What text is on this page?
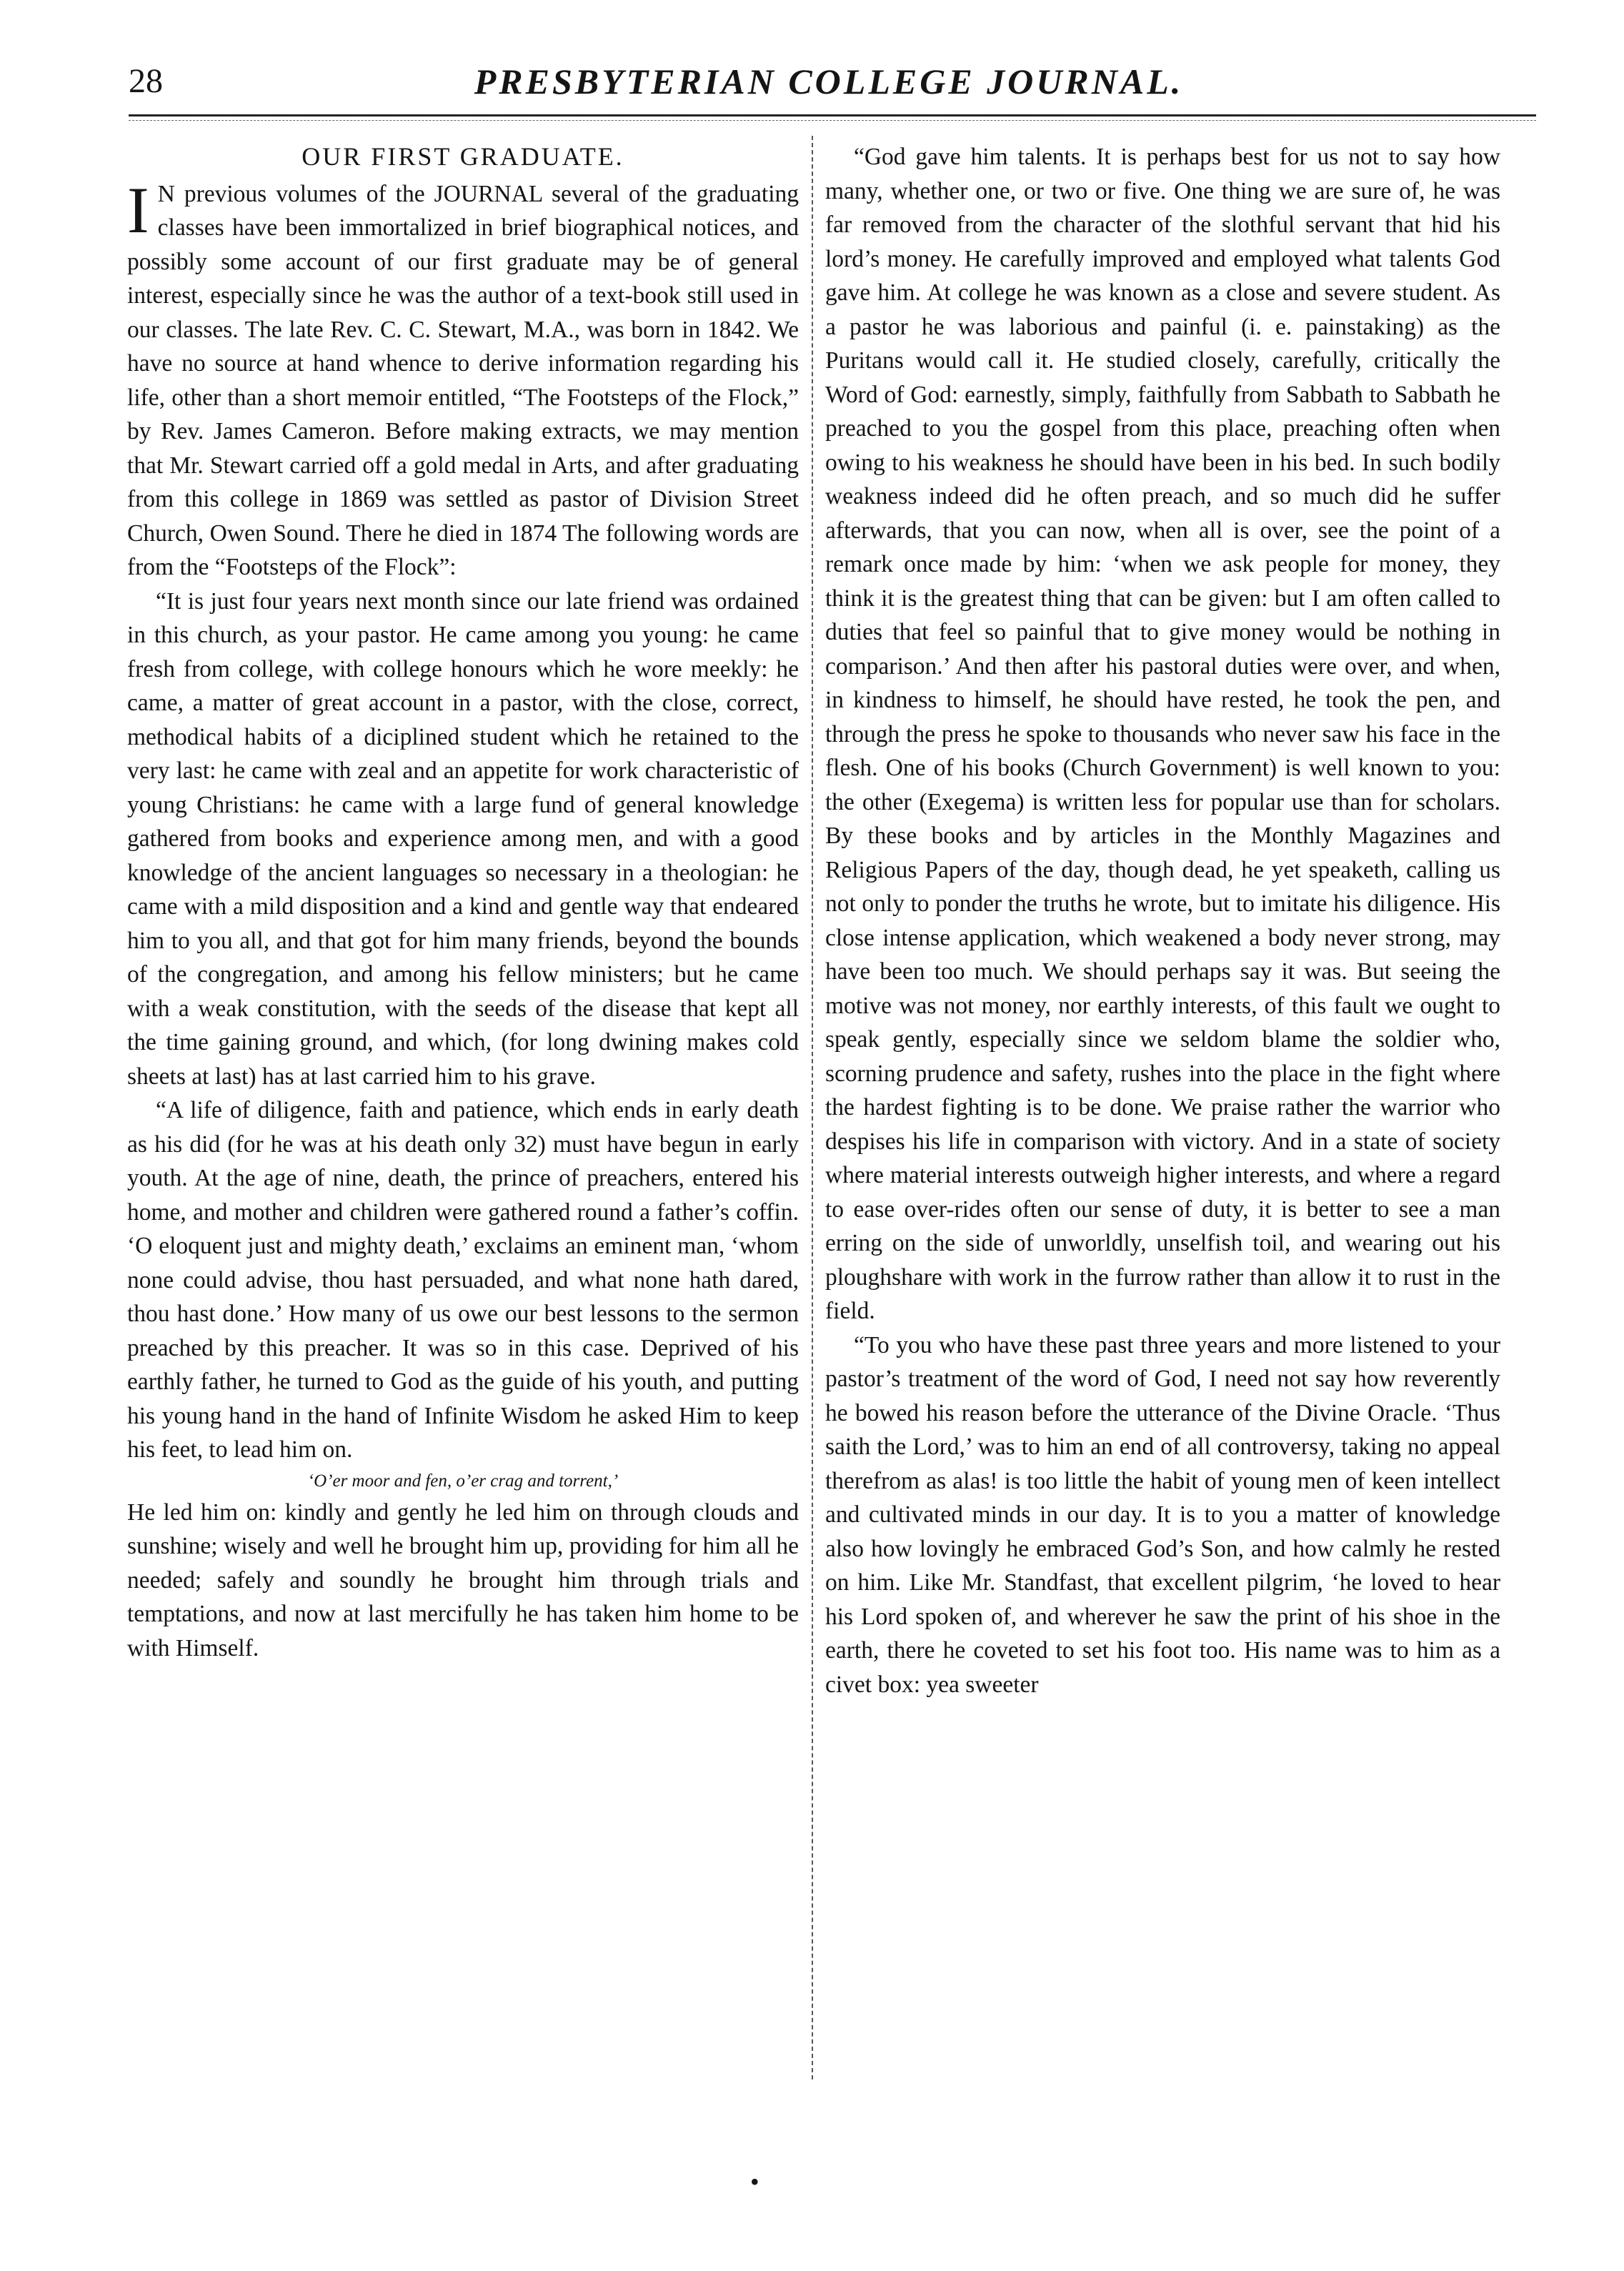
28	PRESBYTERIAN COLLEGE JOURNAL.
OUR FIRST GRADUATE.

I N previous volumes of the JOURNAL several of the graduating classes have been immortalized in brief biographical notices, and possibly some account of our first graduate may be of general interest, especially since he was the author of a text-book still used in our classes. The late Rev. C. C. Stewart, M.A., was born in 1842. We have no source at hand whence to derive information regarding his life, other than a short memoir entitled, “The Footsteps of the Flock,” by Rev. James Cameron. Before making extracts, we may mention that Mr. Stewart carried off a gold medal in Arts, and after graduating from this college in 1869 was settled as pastor of Division Street Church, Owen Sound. There he died in 1874 The following words are from the “Footsteps of the Flock”:

“It is just four years next month since our late friend was ordained in this church, as your pastor. He came among you young: he came fresh from college, with college honours which he wore meekly: he came, a matter of great account in a pastor, with the close, correct, methodical habits of a diciplined student which he retained to the very last: he came with zeal and an appetite for work characteristic of young Christians: he came with a large fund of general knowledge gathered from books and experience among men, and with a good knowledge of the ancient languages so necessary in a theologian: he came with a mild disposition and a kind and gentle way that endeared him to you all, and that got for him many friends, beyond the bounds of the congregation, and among his fellow ministers; but he came with a weak constitution, with the seeds of the disease that kept all the time gaining ground, and which, (for long dwining makes cold sheets at last) has at last carried him to his grave.

“A life of diligence, faith and patience, which ends in early death as his did (for he was at his death only 32) must have begun in early youth. At the age of nine, death, the prince of preachers, entered his home, and mother and children were gathered round a father’s coffin. ‘O eloquent just and mighty death,’ exclaims an eminent man, ‘whom none could advise, thou hast persuaded, and what none hath dared, thou hast done.’ How many of us owe our best lessons to the sermon preached by this preacher. It was so in this case. Deprived of his earthly father, he turned to God as the guide of his youth, and putting his young hand in the hand of Infinite Wisdom he asked Him to keep his feet, to lead him on.

‘O’er moor and fen, o’er crag and torrent,’

He led him on: kindly and gently he led him on through clouds and sunshine; wisely and well he brought him up, providing for him all he needed; safely and soundly he brought him through trials and temptations, and now at last mercifully he has taken him home to be with Himself.

“God gave him talents. It is perhaps best for us not to say how many, whether one, or two or five. One thing we are sure of, he was far removed from the character of the slothful servant that hid his lord’s money. He carefully improved and employed what talents God gave him. At college he was known as a close and severe student. As a pastor he was laborious and painful (i. e. painstaking) as the Puritans would call it. He studied closely, carefully, critically the Word of God: earnestly, simply, faithfully from Sabbath to Sabbath he preached to you the gospel from this place, preaching often when owing to his weakness he should have been in his bed. In such bodily weakness indeed did he often preach, and so much did he suffer afterwards, that you can now, when all is over, see the point of a remark once made by him: ‘when we ask people for money, they think it is the greatest thing that can be given: but I am often called to duties that feel so painful that to give money would be nothing in comparison.’ And then after his pastoral duties were over, and when, in kindness to himself, he should have rested, he took the pen, and through the press he spoke to thousands who never saw his face in the flesh. One of his books (Church Government) is well known to you: the other (Exegema) is written less for popular use than for scholars. By these books and by articles in the Monthly Magazines and Religious Papers of the day, though dead, he yet speaketh, calling us not only to ponder the truths he wrote, but to imitate his diligence. His close intense application, which weakened a body never strong, may have been too much. We should perhaps say it was. But seeing the motive was not money, nor earthly interests, of this fault we ought to speak gently, especially since we seldom blame the soldier who, scorning prudence and safety, rushes into the place in the fight where the hardest fighting is to be done. We praise rather the warrior who despises his life in comparison with victory. And in a state of society where material interests outweigh higher interests, and where a regard to ease over-rides often our sense of duty, it is better to see a man erring on the side of unworldly, unselfish toil, and wearing out his ploughshare with work in the furrow rather than allow it to rust in the field.

“To you who have these past three years and more listened to your pastor’s treatment of the word of God, I need not say how reverently he bowed his reason before the utterance of the Divine Oracle. ‘Thus saith the Lord,’ was to him an end of all controversy, taking no appeal therefrom as alas! is too little the habit of young men of keen intellect and cultivated minds in our day. It is to you a matter of knowledge also how lovingly he embraced God’s Son, and how calmly he rested on him. Like Mr. Standfast, that excellent pilgrim, ‘he loved to hear his Lord spoken of, and wherever he saw the print of his shoe in the earth, there he coveted to set his foot too. His name was to him as a civet box: yea sweeter

•
